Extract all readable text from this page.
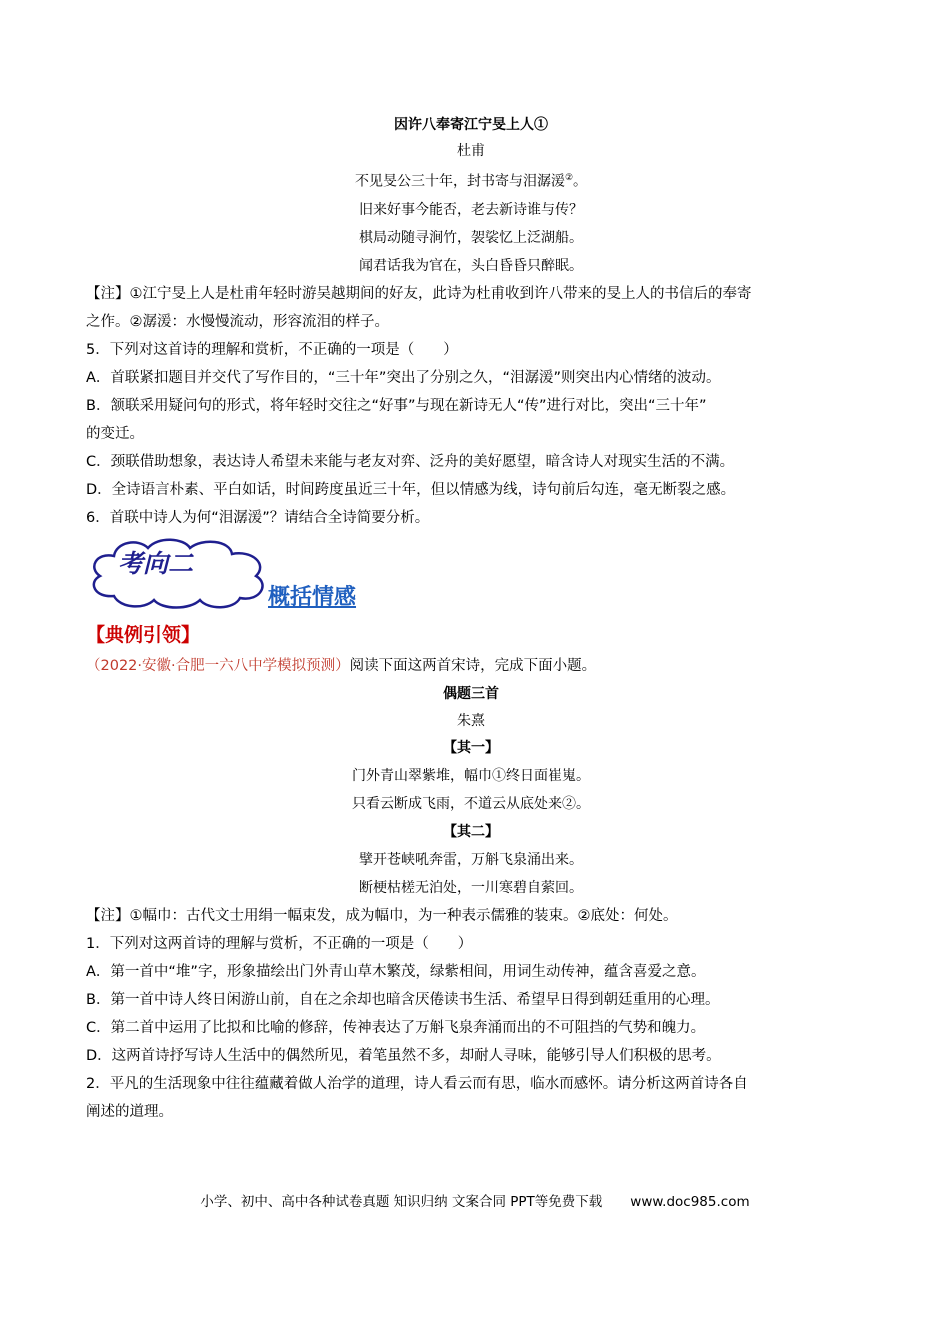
因许八奉寄江宁旻上人①
杜甫
不见旻公三十年，封书寄与泪潺湲②。
旧来好事今能否，老去新诗谁与传？
棋局动随寻涧竹，袈裟忆上泛湖船。
闻君话我为官在，头白昏昏只醉眠。

【注】①江宁旻上人是杜甫年轻时游吴越期间的好友，此诗为杜甫收到许八带来的旻上人的书信后的奉寄

之作。②潺湲：水慢慢流动，形容流泪的样子。

5．下列对这首诗的理解和赏析，不正确的一项是（　　）

A．首联紧扣题目并交代了写作目的，“三十年”突出了分别之久，“泪潺湲”则突出内心情绪的波动。

B．颔联采用疑问句的形式，将年轻时交往之“好事”与现在新诗无人“传”进行对比，突出“三十年”

的变迁。

C．颈联借助想象，表达诗人希望未来能与老友对弈、泛舟的美好愿望，暗含诗人对现实生活的不满。

D．全诗语言朴素、平白如话，时间跨度虽近三十年，但以情感为线，诗句前后勾连，毫无断裂之感。

6．首联中诗人为何“泪潺湲”？请结合全诗简要分析。

考向二
概括情感
【典例引领】

（2022·安徽·合肥一六八中学模拟预测）阅读下面这两首宋诗，完成下面小题。

偶题三首
朱熹
【其一】
门外青山翠紫堆，幅巾①终日面崔嵬。
只看云断成飞雨，不道云从底处来②。
【其二】
擘开苍峡吼奔雷，万斛飞泉涌出来。
断梗枯槎无泊处，一川寒碧自萦回。

【注】①幅巾：古代文士用绢一幅束发，成为幅巾，为一种表示儒雅的装束。②底处：何处。

1．下列对这两首诗的理解与赏析，不正确的一项是（　　）

A．第一首中“堆”字，形象描绘出门外青山草木繁茂，绿紫相间，用词生动传神，蕴含喜爱之意。

B．第一首中诗人终日闲游山前，自在之余却也暗含厌倦读书生活、希望早日得到朝廷重用的心理。

C．第二首中运用了比拟和比喻的修辞，传神表达了万斛飞泉奔涌而出的不可阻挡的气势和魄力。

D．这两首诗抒写诗人生活中的偶然所见，着笔虽然不多，却耐人寻味，能够引导人们积极的思考。

2．平凡的生活现象中往往蕴藏着做人治学的道理，诗人看云而有思，临水而感怀。请分析这两首诗各自

阐述的道理。

小学、初中、高中各种试卷真题 知识归纳 文案合同 PPT等免费下载 www.doc985.com
